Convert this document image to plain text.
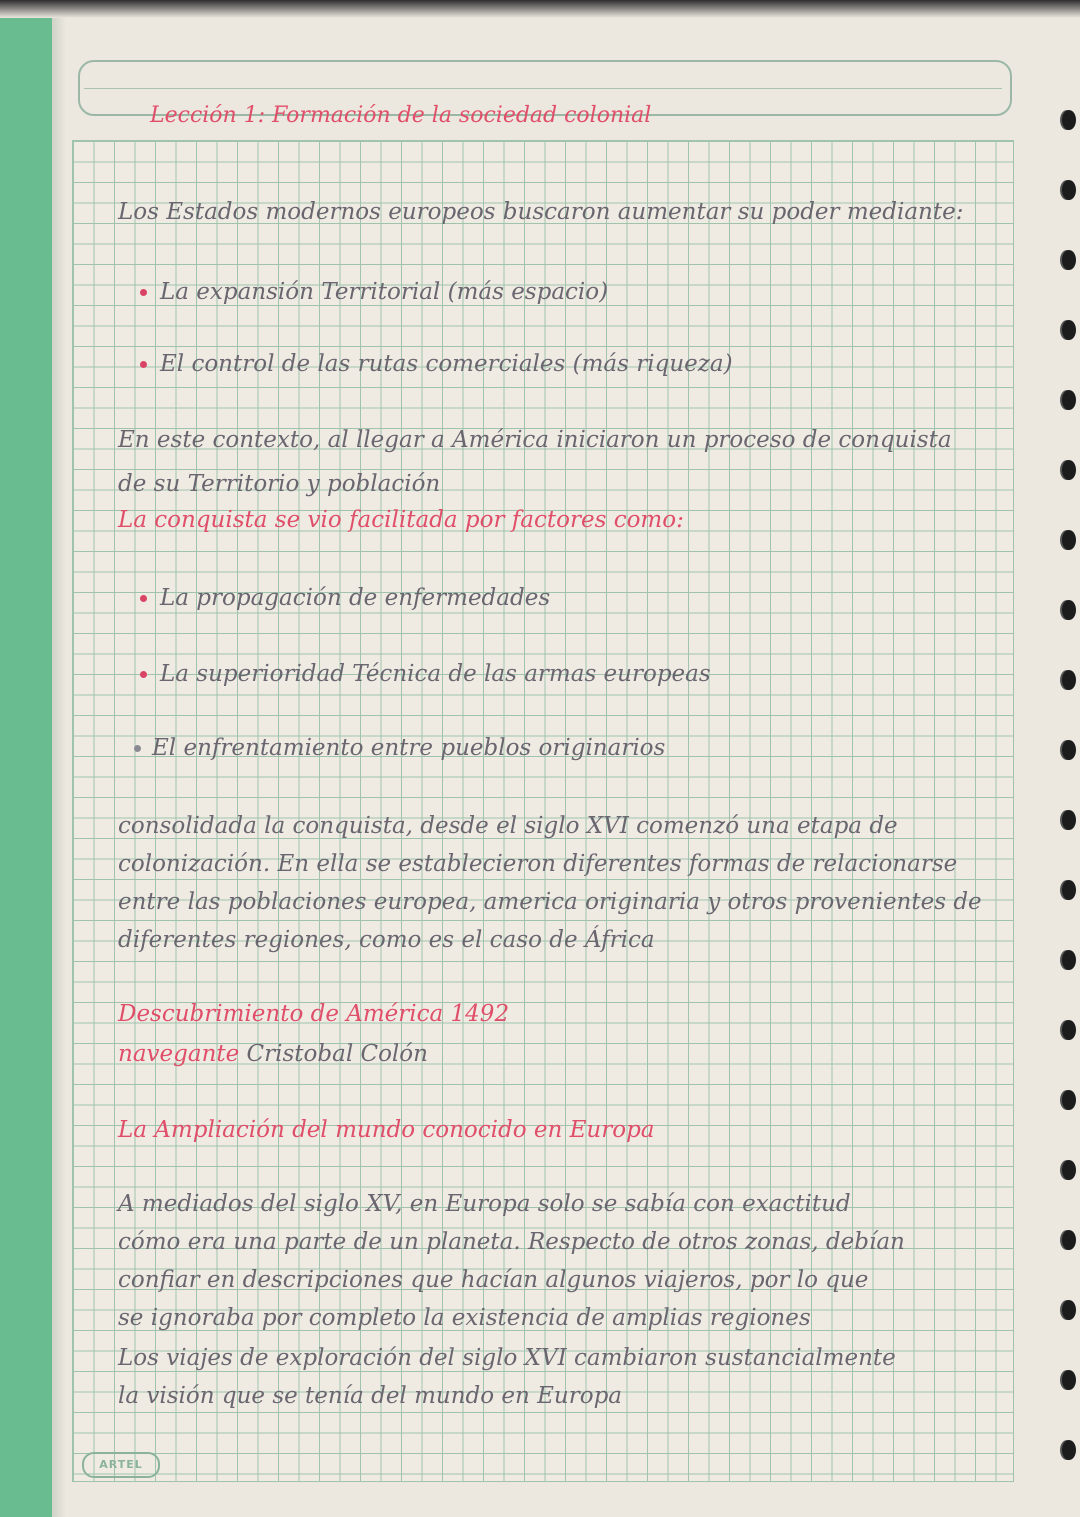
Lección 1: Formación de la sociedad colonial
Los Estados modernos europeos buscaron aumentar su poder mediante:
La expansión Territorial (más espacio)
El control de las rutas comerciales (más riqueza)
En este contexto, al llegar a América iniciaron un proceso de conquista
de su Territorio y población
La conquista se vio facilitada por factores como:
La propagación de enfermedades
La superioridad Técnica de las armas europeas
El enfrentamiento entre pueblos originarios
consolidada la conquista, desde el siglo XVI comenzó una etapa de
colonización. En ella se establecieron diferentes formas de relacionarse
entre las poblaciones europea, america originaria y otros provenientes de
diferentes regiones, como es el caso de África
Descubrimiento de América 1492
navegante Cristobal Colón
La Ampliación del mundo conocido en Europa
A mediados del siglo XV, en Europa solo se sabía con exactitud
cómo era una parte de un planeta. Respecto de otros zonas, debían
confiar en descripciones que hacían algunos viajeros, por lo que
se ignoraba por completo la existencia de amplias regiones
Los viajes de exploración del siglo XVI cambiaron sustancialmente
la visión que se tenía del mundo en Europa
ARTEL
